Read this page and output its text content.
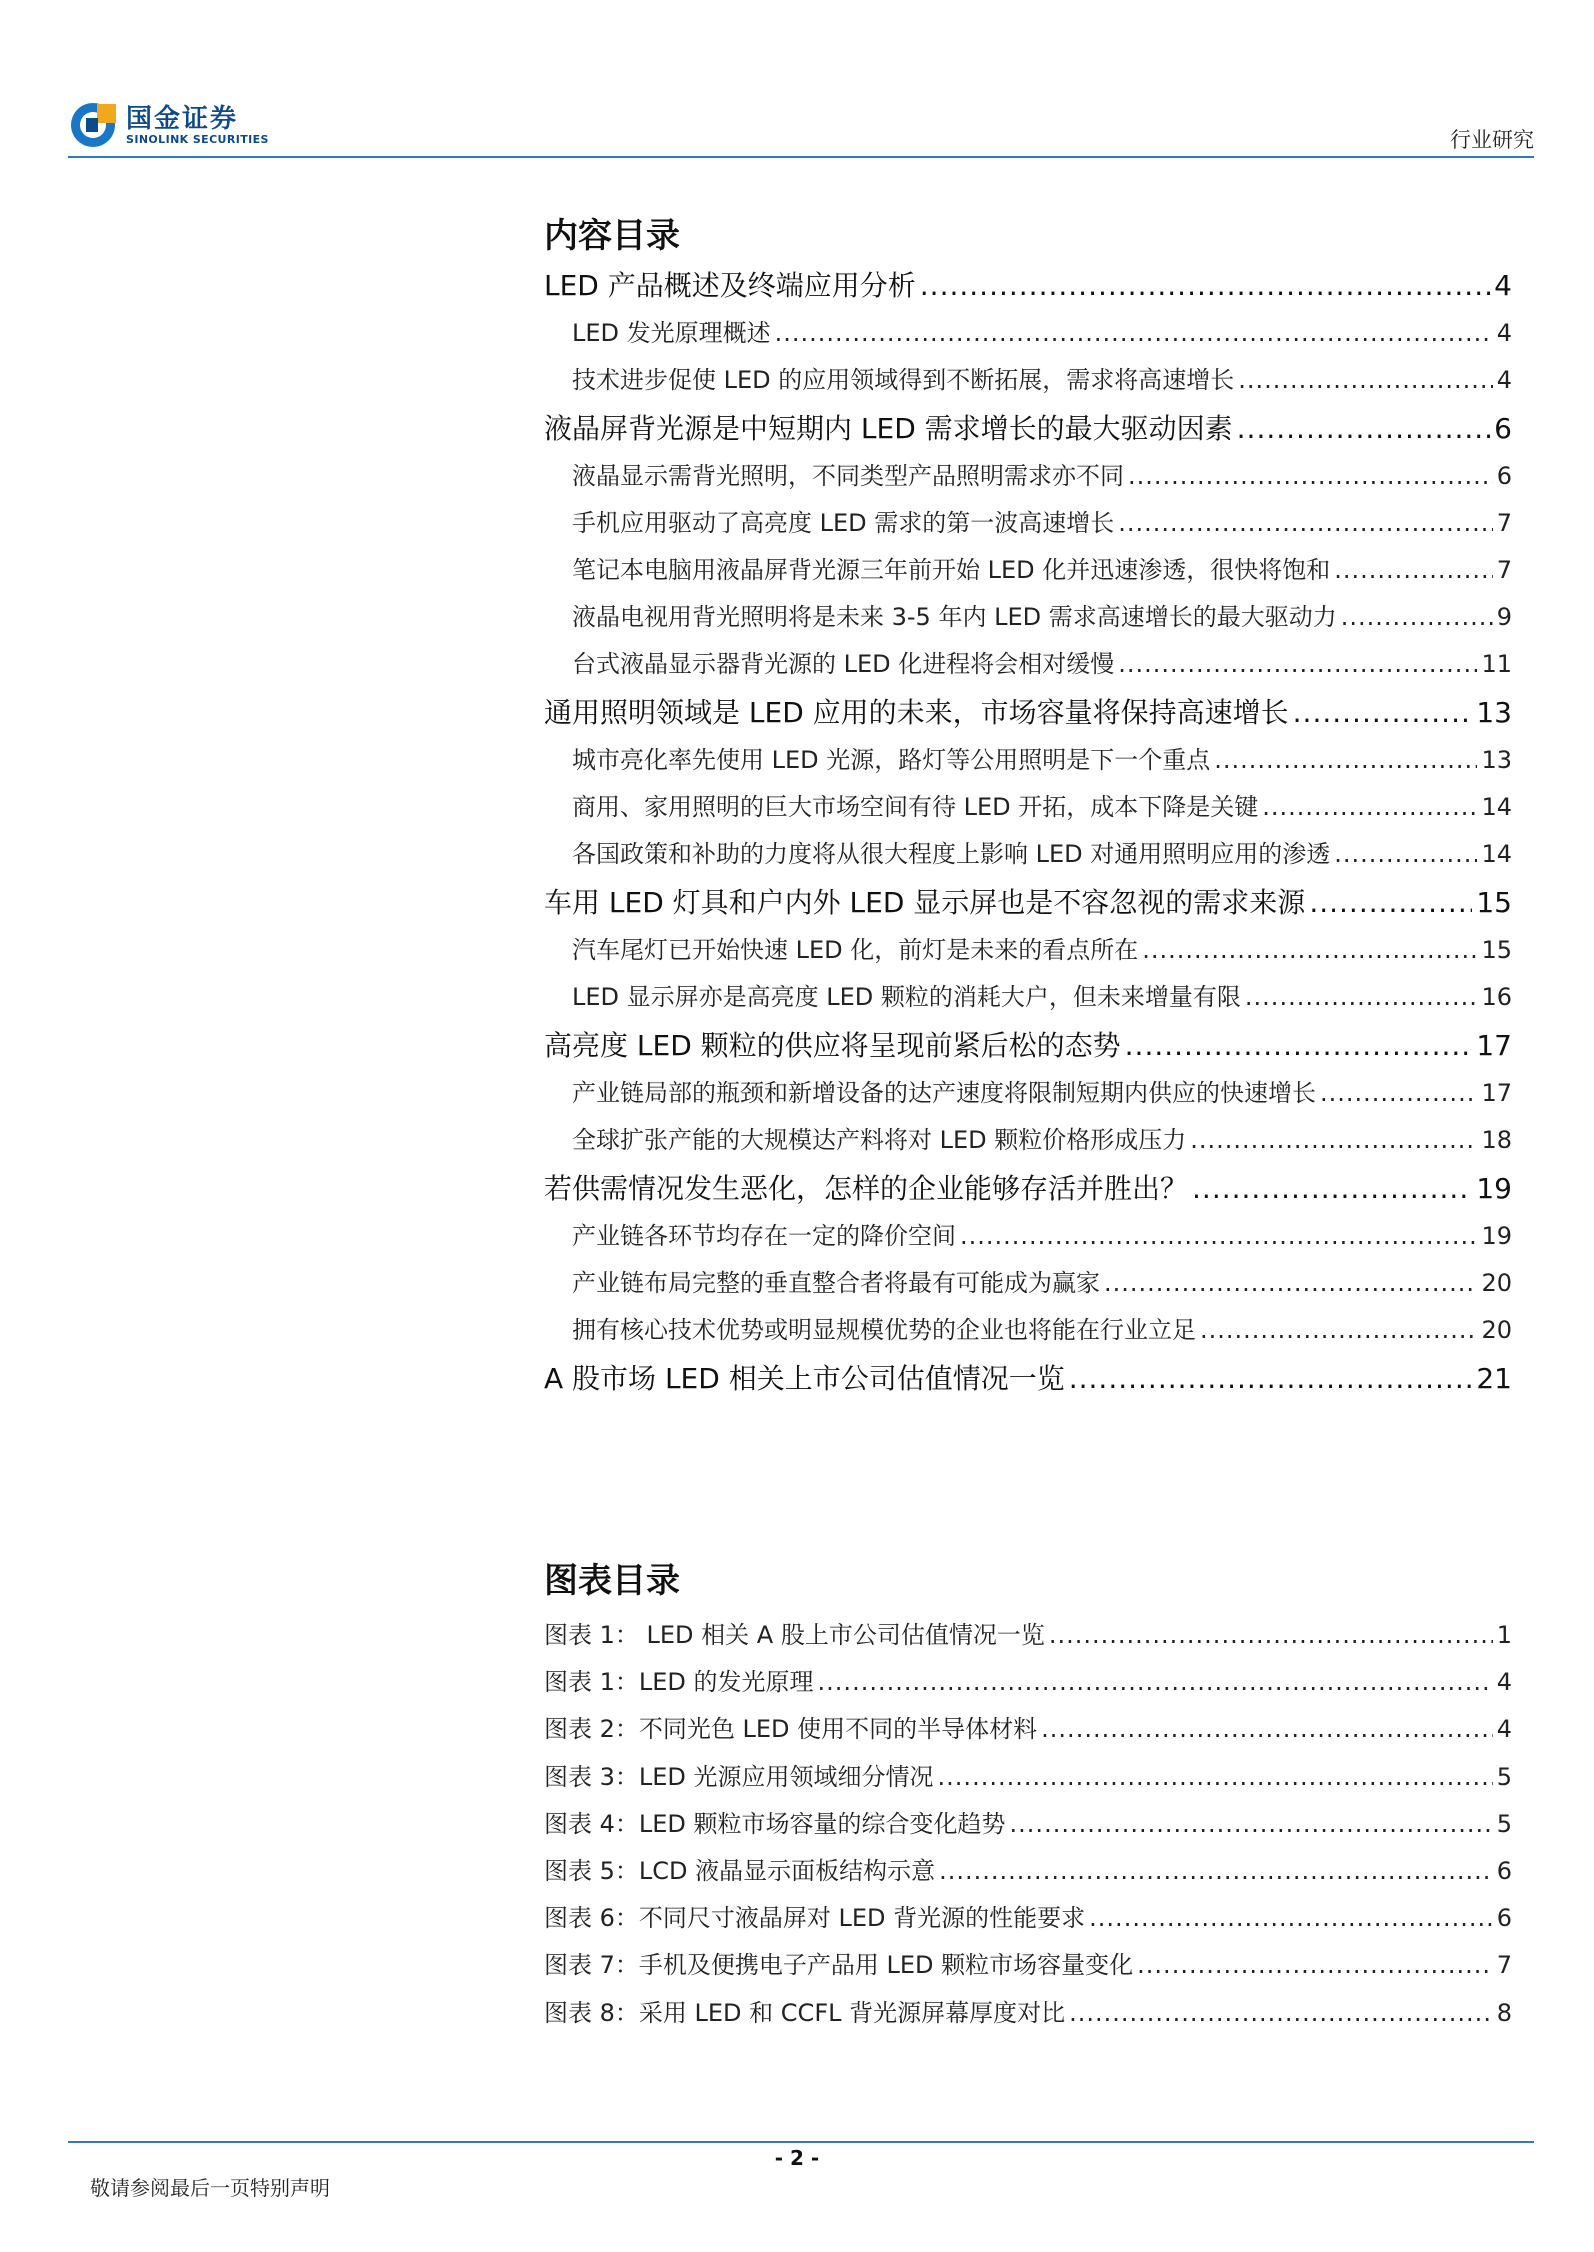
国金证券
SINOLINK SECURITIES	行业研究
内容目录
LED 产品概述及终端应用分析 .....	4
LED 发光原理概述 .....	4
技术进步促使 LED 的应用领域得到不断拓展，需求将高速增长 .....	4
液晶屏背光源是中短期内 LED 需求增长的最大驱动因素 .....	6
液晶显示需背光照明，不同类型产品照明需求亦不同 .....	6
手机应用驱动了高亮度 LED 需求的第一波高速增长 .....	7
笔记本电脑用液晶屏背光源三年前开始 LED 化并迅速渗透，很快将饱和 .....	7
液晶电视用背光照明将是未来 3-5 年内 LED 需求高速增长的最大驱动力 .....	9
台式液晶显示器背光源的 LED 化进程将会相对缓慢 .....	11
通用照明领域是 LED 应用的未来，市场容量将保持高速增长 .....	13
城市亮化率先使用 LED 光源，路灯等公用照明是下一个重点 .....	13
商用、家用照明的巨大市场空间有待 LED 开拓，成本下降是关键 .....	14
各国政策和补助的力度将从很大程度上影响 LED 对通用照明应用的渗透 .....	14
车用 LED 灯具和户内外 LED 显示屏也是不容忽视的需求来源 .....	15
汽车尾灯已开始快速 LED 化，前灯是未来的看点所在 .....	15
LED 显示屏亦是高亮度 LED 颗粒的消耗大户，但未来增量有限 .....	16
高亮度 LED 颗粒的供应将呈现前紧后松的态势 .....	17
产业链局部的瓶颈和新增设备的达产速度将限制短期内供应的快速增长 .....	17
全球扩张产能的大规模达产料将对 LED 颗粒价格形成压力 .....	18
若供需情况发生恶化，怎样的企业能够存活并胜出？ .....	19
产业链各环节均存在一定的降价空间 .....	19
产业链布局完整的垂直整合者将最有可能成为赢家 .....	20
拥有核心技术优势或明显规模优势的企业也将能在行业立足 .....	20
A 股市场 LED 相关上市公司估值情况一览 .....	21
图表目录
图表 1： LED 相关 A 股上市公司估值情况一览 .....	1
图表 1：LED 的发光原理 .....	4
图表 2：不同光色 LED 使用不同的半导体材料 .....	4
图表 3：LED 光源应用领域细分情况 .....	5
图表 4：LED 颗粒市场容量的综合变化趋势 .....	5
图表 5：LCD 液晶显示面板结构示意 .....	6
图表 6：不同尺寸液晶屏对 LED 背光源的性能要求 .....	6
图表 7：手机及便携电子产品用 LED 颗粒市场容量变化 .....	7
图表 8：采用 LED 和 CCFL 背光源屏幕厚度对比 .....	8
- 2 -
敬请参阅最后一页特别声明
